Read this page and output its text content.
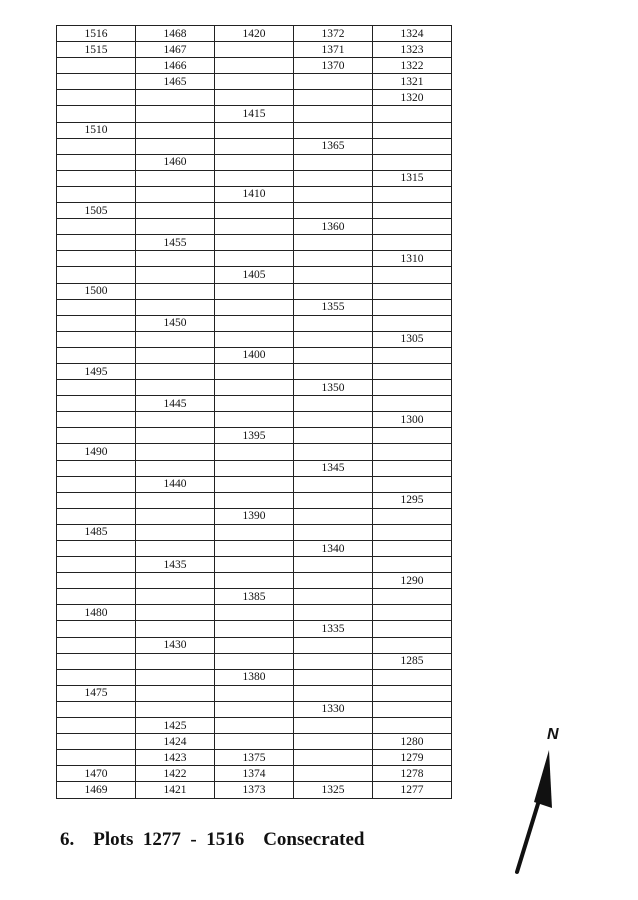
1516	1468	1420	1372	1324
1515	1467		1371	1323
	1466		1370	1322
	1465			1321
				1320
		1415		
1510				
			1365	
	1460			
				1315
		1410		
1505				
			1360	
	1455			
				1310
		1405		
1500				
			1355	
	1450			
				1305
		1400		
1495				
			1350	
	1445			
				1300
		1395		
1490				
			1345	
	1440			
				1295
		1390		
1485				
			1340	
	1435			
				1290
		1385		
1480				
			1335	
	1430			
				1285
		1380		
1475				
			1330	
	1425			
	1424			1280
	1423	1375		1279
1470	1422	1374		1278
1469	1421	1373	1325	1277
6. Plots 1277 - 1516 Consecrated
N
